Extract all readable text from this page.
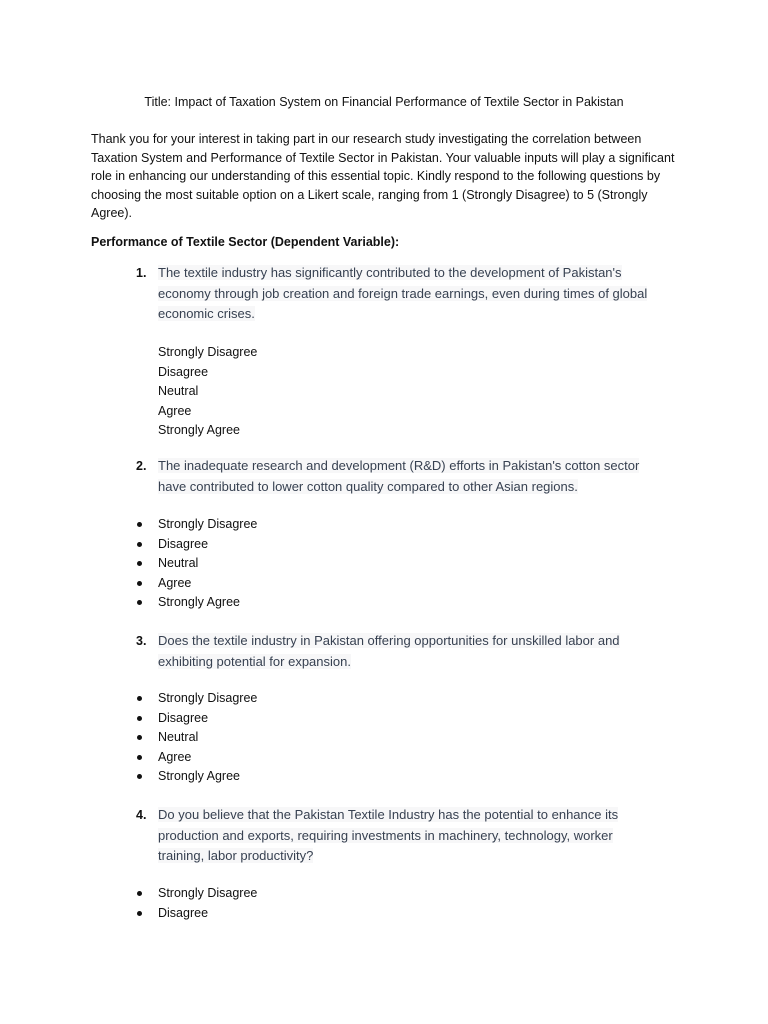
Title: Impact of Taxation System on Financial Performance of Textile Sector in Pakistan

Thank you for your interest in taking part in our research study investigating the correlation between Taxation System and Performance of Textile Sector in Pakistan. Your valuable inputs will play a significant role in enhancing our understanding of this essential topic. Kindly respond to the following questions by choosing the most suitable option on a Likert scale, ranging from 1 (Strongly Disagree) to 5 (Strongly Agree).

Performance of Textile Sector (Dependent Variable):
1. The textile industry has significantly contributed to the development of Pakistan's economy through job creation and foreign trade earnings, even during times of global economic crises.
Strongly Disagree
Disagree
Neutral
Agree
Strongly Agree
2. The inadequate research and development (R&D) efforts in Pakistan's cotton sector have contributed to lower cotton quality compared to other Asian regions.
Strongly Disagree
Disagree
Neutral
Agree
Strongly Agree
3. Does the textile industry in Pakistan offering opportunities for unskilled labor and exhibiting potential for expansion.
Strongly Disagree
Disagree
Neutral
Agree
Strongly Agree
4. Do you believe that the Pakistan Textile Industry has the potential to enhance its production and exports, requiring investments in machinery, technology, worker training, labor productivity?
Strongly Disagree
Disagree
